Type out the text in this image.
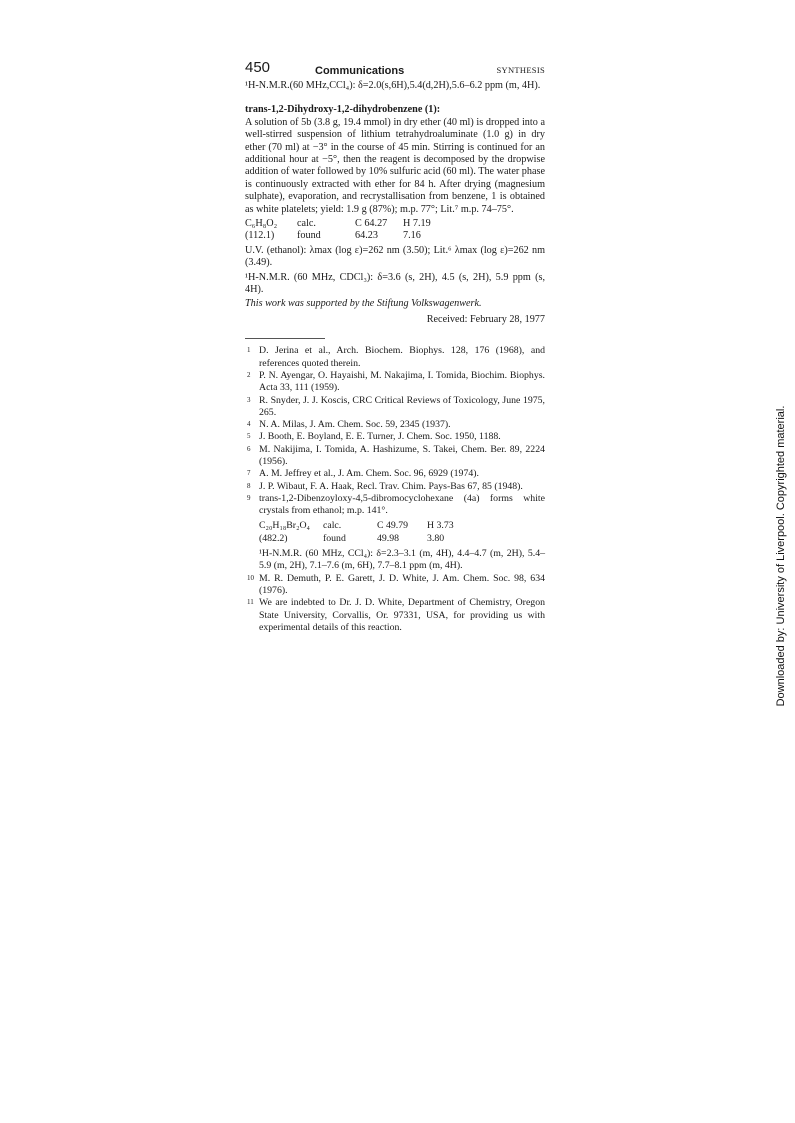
450	Communications	SYNTHESIS

¹H-N.M.R.(60 MHz,CCl₄): δ=2.0(s,6H),5.4(d,2H),5.6–6.2 ppm (m, 4H).

trans-1,2-Dihydroxy-1,2-dihydrobenzene (1):

A solution of 5b (3.8 g, 19.4 mmol) in dry ether (40 ml) is dropped into a well-stirred suspension of lithium tetrahydroaluminate (1.0 g) in dry ether (70 ml) at −3° in the course of 45 min. Stirring is continued for an additional hour at −5°, then the reagent is decomposed by the dropwise addition of water followed by 10% sulfuric acid (60 ml). The water phase is continuously extracted with ether for 84 h. After drying (magnesium sulphate), evaporation, and recrystallisation from benzene, 1 is obtained as white platelets; yield: 1.9 g (87%); m.p. 77°; Lit.⁷ m.p. 74–75°.

C₆H₈O₂	calc.	C 64.27	H 7.19
(112.1)	found	64.23	7.16

U.V. (ethanol): λmax (log ε)=262 nm (3.50); Lit.⁶ λmax (log ε)=262 nm (3.49).

¹H-N.M.R. (60 MHz, CDCl₃): δ=3.6 (s, 2H), 4.5 (s, 2H), 5.9 ppm (s, 4H).

This work was supported by the Stiftung Volkswagenwerk.

Received: February 28, 1977

1 D. Jerina et al., Arch. Biochem. Biophys. 128, 176 (1968), and references quoted therein.
2 P. N. Ayengar, O. Hayaishi, M. Nakajima, I. Tomida, Biochim. Biophys. Acta 33, 111 (1959).
3 R. Snyder, J. J. Koscis, CRC Critical Reviews of Toxicology, June 1975, 265.
4 N. A. Milas, J. Am. Chem. Soc. 59, 2345 (1937).
5 J. Booth, E. Boyland, E. E. Turner, J. Chem. Soc. 1950, 1188.
6 M. Nakijima, I. Tomida, A. Hashizume, S. Takei, Chem. Ber. 89, 2224 (1956).
7 A. M. Jeffrey et al., J. Am. Chem. Soc. 96, 6929 (1974).
8 J. P. Wibaut, F. A. Haak, Recl. Trav. Chim. Pays-Bas 67, 85 (1948).
9 trans-1,2-Dibenzoyloxy-4,5-dibromocyclohexane (4a) forms white crystals from ethanol; m.p. 141°.
C₂₀H₁₈Br₂O₄	calc.	C 49.79	H 3.73
(482.2)	found	49.98	3.80

¹H-N.M.R. (60 MHz, CCl₄): δ=2.3–3.1 (m, 4H), 4.4–4.7 (m, 2H), 5.4–5.9 (m, 2H), 7.1–7.6 (m, 6H), 7.7–8.1 ppm (m, 4H).

10 M. R. Demuth, P. E. Garett, J. D. White, J. Am. Chem. Soc. 98, 634 (1976).
11 We are indebted to Dr. J. D. White, Department of Chemistry, Oregon State University, Corvallis, Or. 97331, USA, for providing us with experimental details of this reaction.	Downloaded by: University of Liverpool. Copyrighted material.
